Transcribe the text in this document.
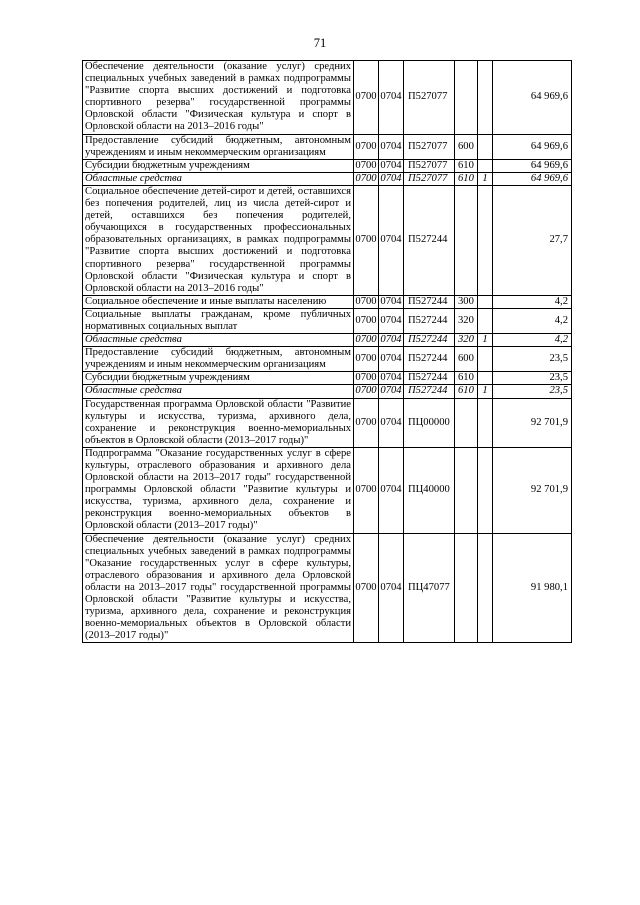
71
Обеспечение деятельности (оказание услуг) средних специальных учебных заведений в рамках подпрограммы "Развитие спорта высших достижений и подготовка спортивного резерва" государственной программы Орловской области "Физическая культура и спорт в Орловской области на 2013–2016 годы"	0700	0704	П527077			64 969,6
Предоставление субсидий бюджетным, автономным учреждениям и иным некоммерческим организациям	0700	0704	П527077	600		64 969,6
Субсидии бюджетным учреждениям	0700	0704	П527077	610		64 969,6
Областные средства	0700	0704	П527077	610	1	64 969,6
Социальное обеспечение детей-сирот и детей, оставшихся без попечения родителей, лиц из числа детей-сирот и детей, оставшихся без попечения родителей, обучающихся в государственных профессиональных образовательных организациях, в рамках подпрограммы "Развитие спорта высших достижений и подготовка спортивного резерва" государственной программы Орловской области "Физическая культура и спорт в Орловской области на 2013–2016 годы"	0700	0704	П527244			27,7
Социальное обеспечение и иные выплаты населению	0700	0704	П527244	300		4,2
Социальные выплаты гражданам, кроме публичных нормативных социальных выплат	0700	0704	П527244	320		4,2
Областные средства	0700	0704	П527244	320	1	4,2
Предоставление субсидий бюджетным, автономным учреждениям и иным некоммерческим организациям	0700	0704	П527244	600		23,5
Субсидии бюджетным учреждениям	0700	0704	П527244	610		23,5
Областные средства	0700	0704	П527244	610	1	23,5
Государственная программа Орловской области "Развитие культуры и искусства, туризма, архивного дела, сохранение и реконструкция военно-мемориальных объектов в Орловской области (2013–2017 годы)"	0700	0704	ПЦ00000			92 701,9
Подпрограмма "Оказание государственных услуг в сфере культуры, отраслевого образования и архивного дела Орловской области на 2013–2017 годы" государственной программы Орловской области "Развитие культуры и искусства, туризма, архивного дела, сохранение и реконструкция военно-мемориальных объектов в Орловской области (2013–2017 годы)"	0700	0704	ПЦ40000			92 701,9
Обеспечение деятельности (оказание услуг) средних специальных учебных заведений в рамках подпрограммы "Оказание государственных услуг в сфере культуры, отраслевого образования и архивного дела Орловской области на 2013–2017 годы" государственной программы Орловской области "Развитие культуры и искусства, туризма, архивного дела, сохранение и реконструкция военно-мемориальных объектов в Орловской области (2013–2017 годы)"	0700	0704	ПЦ47077			91 980,1
